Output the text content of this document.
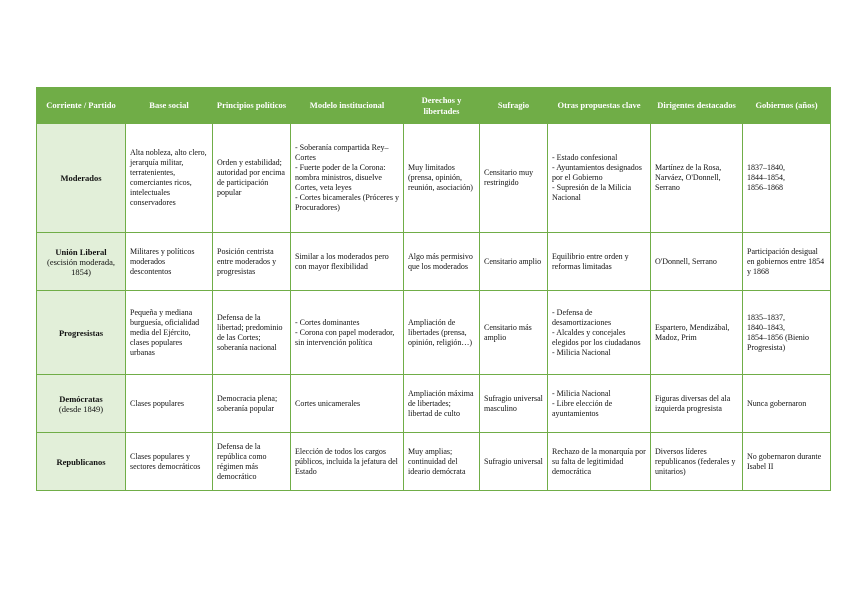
Corriente / Partido	Base social	Principios políticos	Modelo institucional	Derechos y libertades	Sufragio	Otras propuestas clave	Dirigentes destacados	Gobiernos (años)
Moderados	Alta nobleza, alto clero, jerarquía militar, terratenientes, comerciantes ricos, intelectuales conservadores	Orden y estabilidad; autoridad por encima de participación popular	- Soberanía compartida Rey–Cortes
- Fuerte poder de la Corona: nombra ministros, disuelve Cortes, veta leyes
- Cortes bicamerales (Próceres y Procuradores)	Muy limitados (prensa, opinión, reunión, asociación)	Censitario muy restringido	- Estado confesional
- Ayuntamientos designados por el Gobierno
- Supresión de la Milicia Nacional	Martínez de la Rosa, Narváez, O'Donnell, Serrano	1837–1840,
1844–1854,
1856–1868

Unión Liberal
(escisión moderada, 1854)	Militares y políticos moderados descontentos	Posición centrista entre moderados y progresistas	Similar a los moderados pero con mayor flexibilidad	Algo más permisivo que los moderados	Censitario amplio	Equilibrio entre orden y reformas limitadas	O'Donnell, Serrano	Participación desigual en gobiernos entre 1854 y 1868

Progresistas	Pequeña y mediana burguesía, oficialidad media del Ejército, clases populares urbanas	Defensa de la libertad; predominio de las Cortes; soberanía nacional	- Cortes dominantes
- Corona con papel moderador, sin intervención política	Ampliación de libertades (prensa, opinión, religión…)	Censitario más amplio	- Defensa de desamortizaciones
- Alcaldes y concejales elegidos por los ciudadanos
- Milicia Nacional	Espartero, Mendizábal, Madoz, Prim	1835–1837,
1840–1843,
1854–1856 (Bienio Progresista)

Demócratas
(desde 1849)	Clases populares	Democracia plena; soberanía popular	Cortes unicamerales	Ampliación máxima de libertades; libertad de culto	Sufragio universal masculino	- Milicia Nacional
- Libre elección de ayuntamientos	Figuras diversas del ala izquierda progresista	Nunca gobernaron

Republicanos	Clases populares y sectores democráticos	Defensa de la república como régimen más democrático	Elección de todos los cargos públicos, incluida la jefatura del Estado	Muy amplias; continuidad del ideario demócrata	Sufragio universal	Rechazo de la monarquía por su falta de legitimidad democrática	Diversos líderes republicanos (federales y unitarios)	No gobernaron durante Isabel II
